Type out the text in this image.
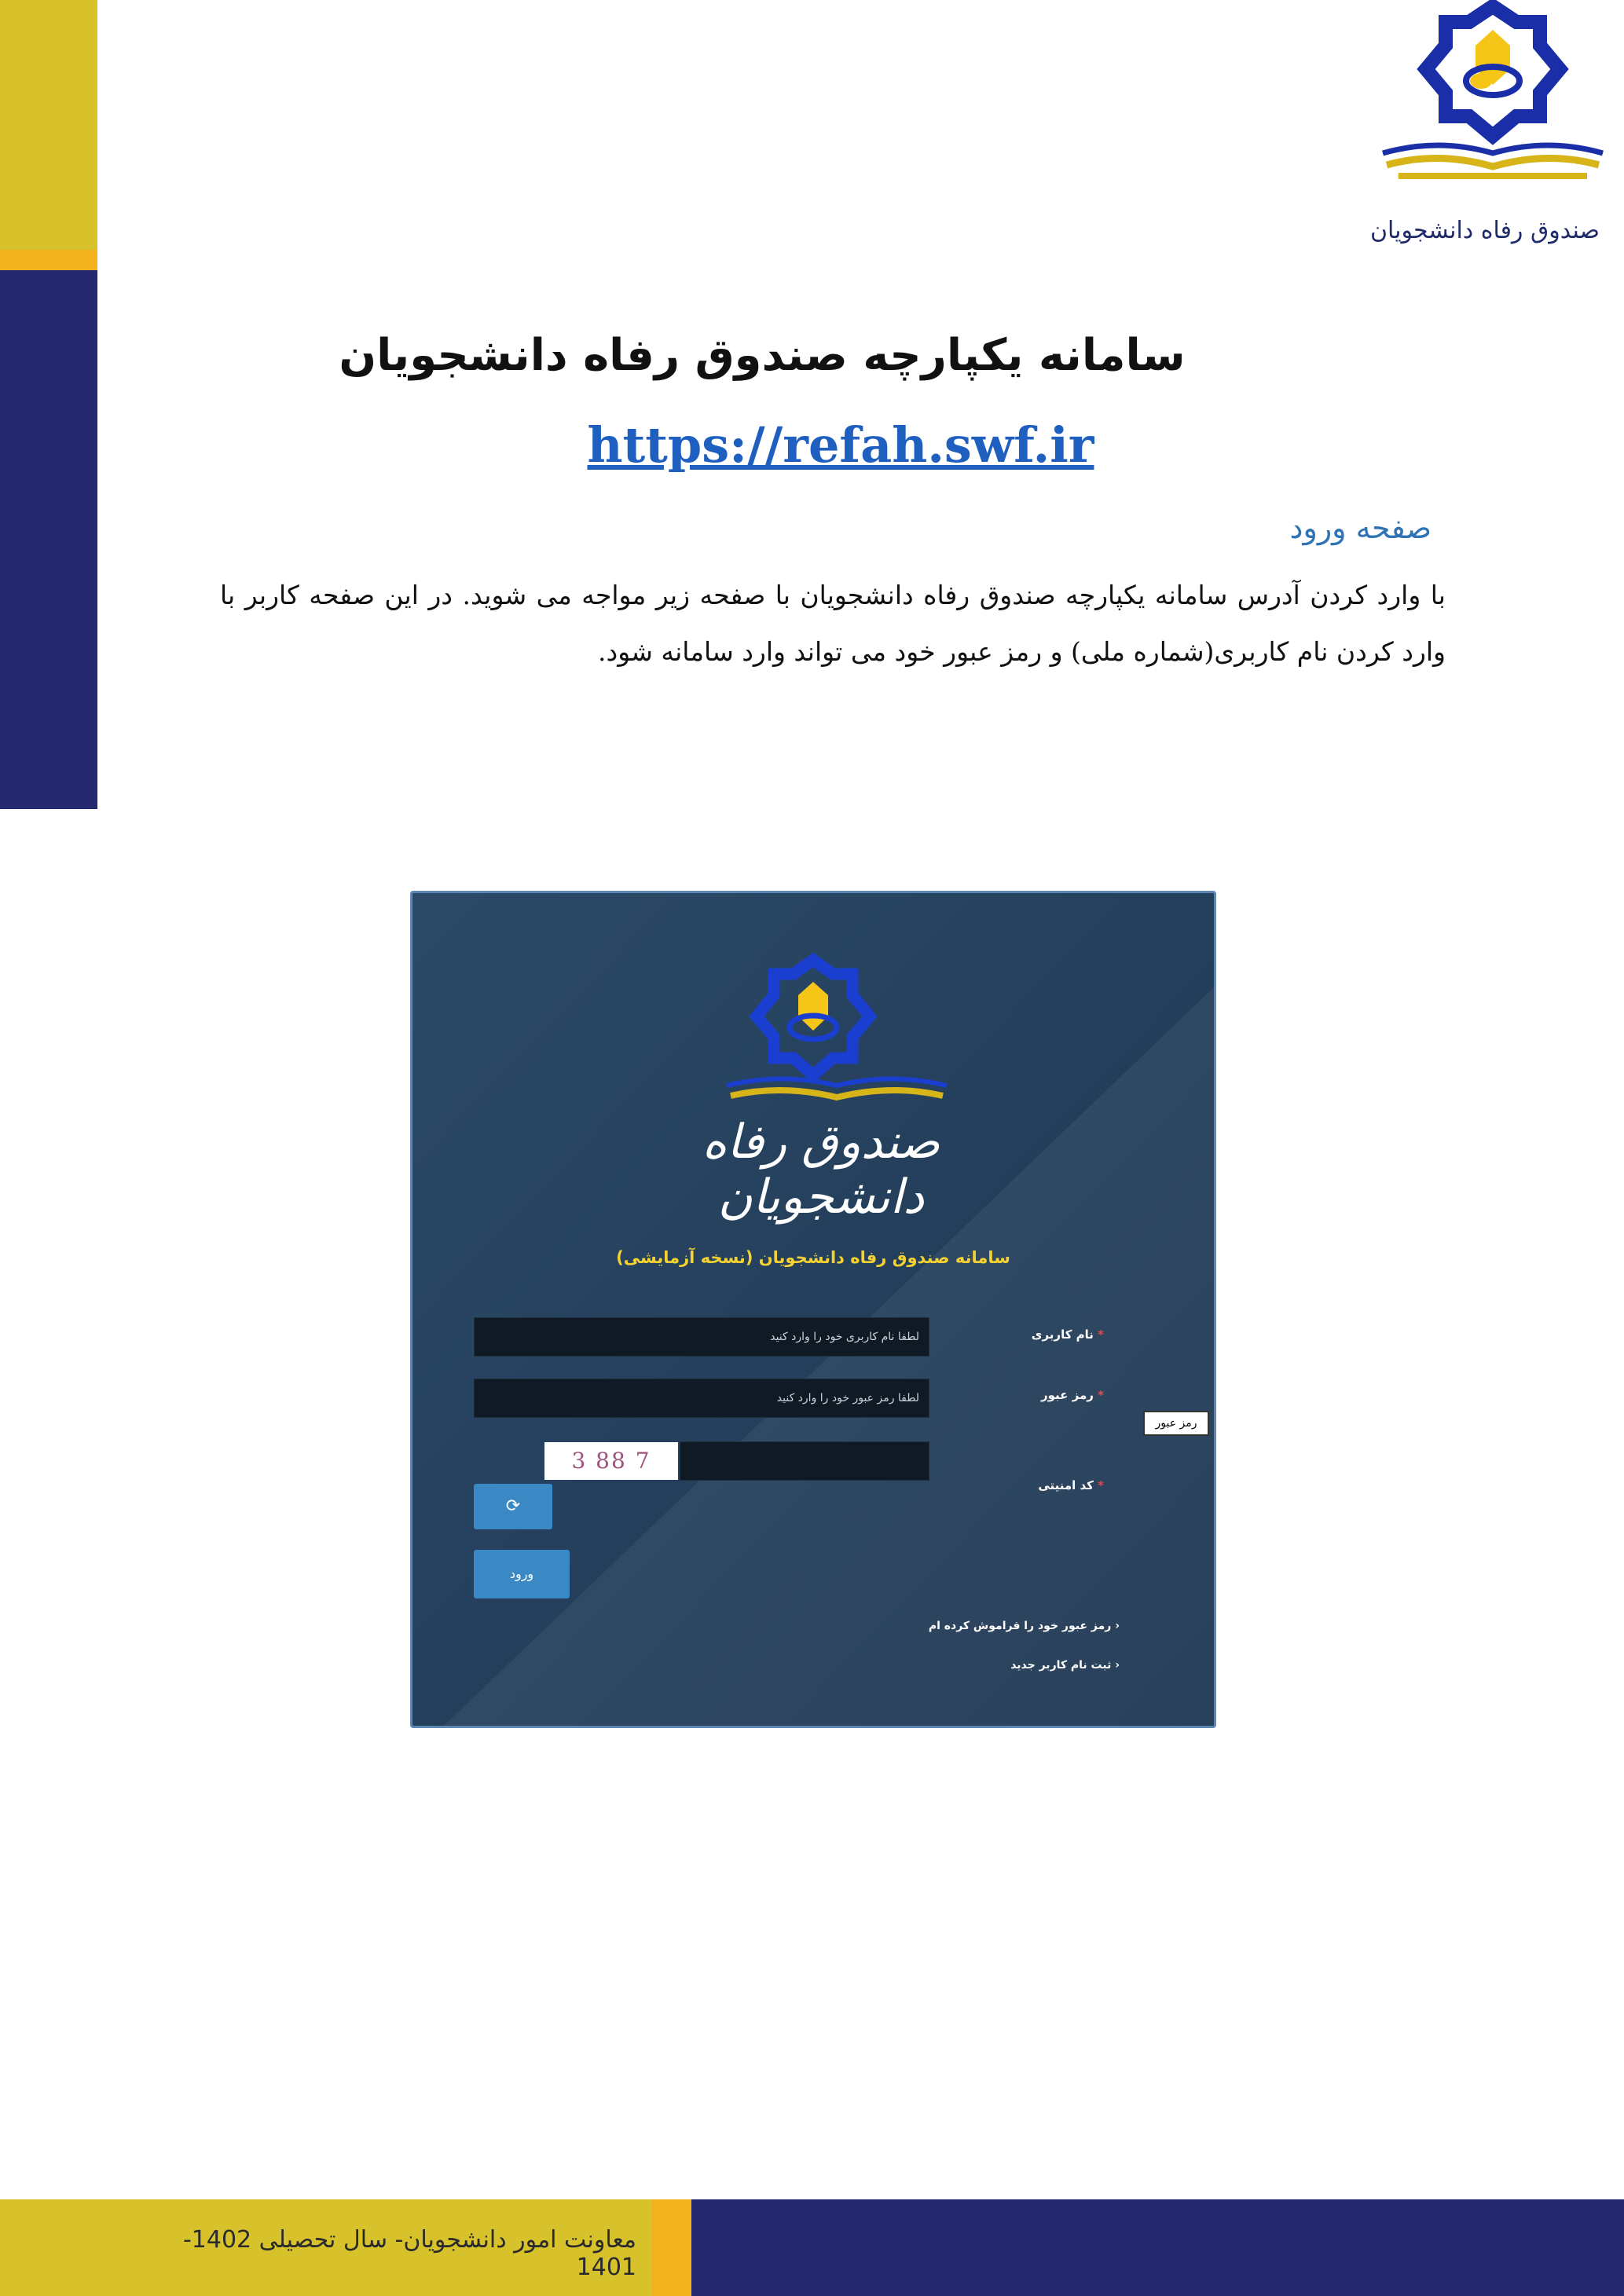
صندوق رفاه دانشجویان
سامانه یکپارچه صندوق رفاه دانشجویان
https://refah.swf.ir
صفحه ورود
با وارد کردن آدرس سامانه یکپارچه صندوق رفاه دانشجویان با صفحه زیر مواجه می شوید. در این صفحه کاربر با وارد کردن نام کاربری(شماره ملی) و رمز عبور خود می تواند وارد سامانه شود.
صندوق رفاه دانشجویان
سامانه صندوق رفاه دانشجویان (نسخه آزمایشی)
لطفا نام کاربری خود را وارد کنید	* نام کاربری
لطفا رمز عبور خود را وارد کنید	* رمز عبور
3 88 7
* کد امنیتی
⟳
ورود
‹ رمز عبور خود را فراموش کرده ام
‹ ثبت نام کاربر جدید
رمز عبور
معاونت امور دانشجویان- سال تحصیلی 1402-1401
